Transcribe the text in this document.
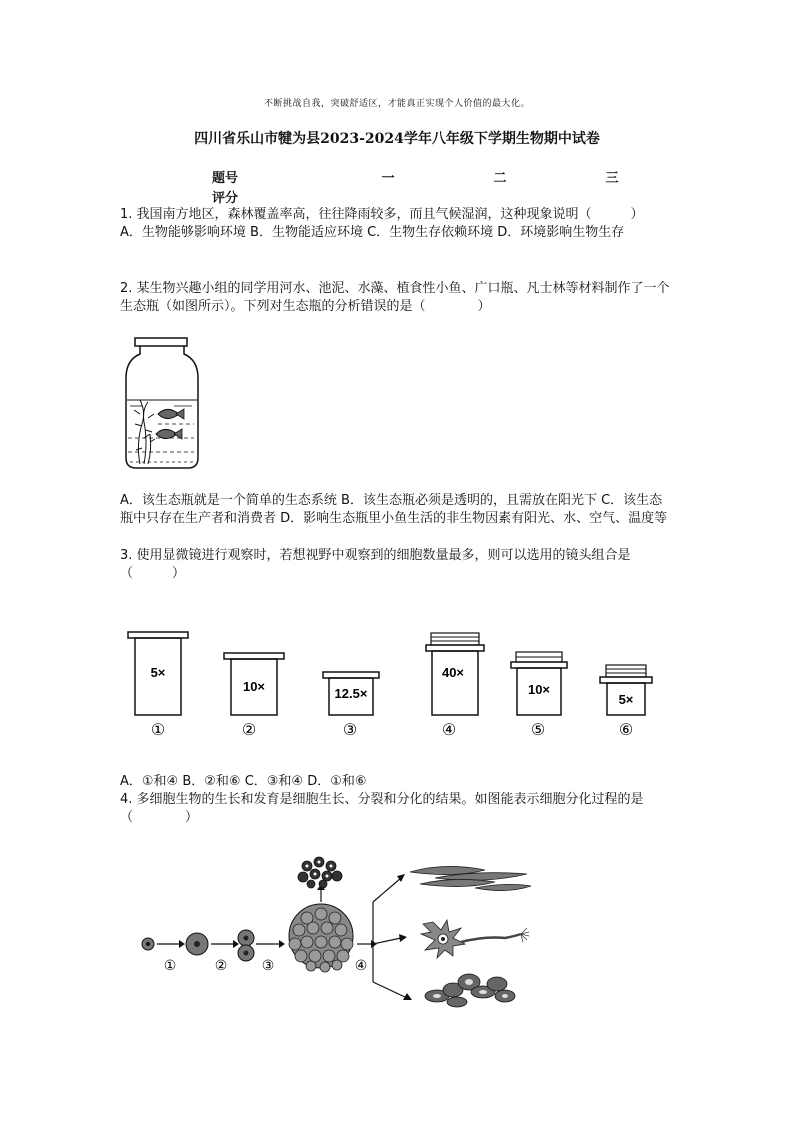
不断挑战自我，突破舒适区，才能真正实现个人价值的最大化。
四川省乐山市犍为县2023-2024学年八年级下学期生物期中试卷
题号	一	二	三
评分

1. 我国南方地区，森林覆盖率高，往往降雨较多，而且气候湿润，这种现象说明（　　　）

A．生物能够影响环境 B．生物能适应环境 C．生物生存依赖环境 D．环境影响生物生存

2. 某生物兴趣小组的同学用河水、池泥、水藻、植食性小鱼、广口瓶、凡士林等材料制作了一个生态瓶（如图所示）。下列对生态瓶的分析错误的是（　　　　）

A．该生态瓶就是一个简单的生态系统 B．该生态瓶必须是透明的，且需放在阳光下 C．该生态瓶中只存在生产者和消费者 D．影响生态瓶里小鱼生活的非生物因素有阳光、水、空气、温度等

3. 使用显微镜进行观察时，若想视野中观察到的细胞数量最多，则可以选用的镜头组合是（　　　）

5×
①
10×
②
12.5×
③
40×
④
10×
⑤
5×
⑥

A．①和④ B．②和⑥ C．③和④ D．①和⑥

4. 多细胞生物的生长和发育是细胞生长、分裂和分化的结果。如图能表示细胞分化过程的是（　　　　）

①	② ③	④
